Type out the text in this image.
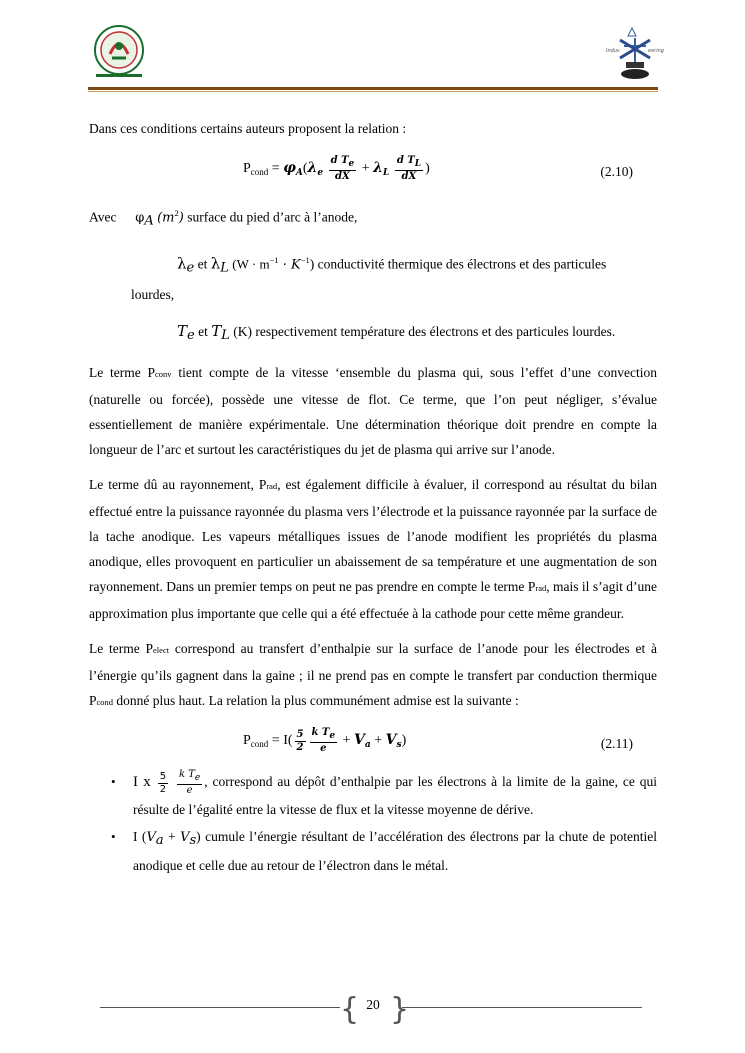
Indus	eering

Dans ces conditions certains auteurs proposent la relation :

$P_{cond} = \varphi_A(\lambda_e \frac{\text{d Te}}{dX} + \lambda_L \frac{\text{d TL}}{dX}$ )	(2.10)

Avec φA $(m^2)$ surface du pied d’arc à l’anode,

λe et λL $(W \cdot m^{-1} \cdot K^{-1})$ conductivité thermique des électrons et des particules

lourdes,

Te et TL (K) respectivement température des électrons et des particules lourdes.

Le terme Pconv tient compte de la vitesse ‘ensemble du plasma qui, sous l’effet d’une convection (naturelle ou forcée), possède une vitesse de flot. Ce terme, que l’on peut négliger, s’évalue essentiellement de manière expérimentale. Une détermination théorique doit prendre en compte la longueur de l’arc et surtout les caractéristiques du jet de plasma qui arrive sur l’anode.

Le terme dû au rayonnement, Prad, est également difficile à évaluer, il correspond au résultat du bilan effectué entre la puissance rayonnée du plasma vers l’électrode et la puissance rayonnée par la surface de la tache anodique. Les vapeurs métalliques issues de l’anode modifient les propriétés du plasma anodique, elles provoquent en particulier un abaissement de sa température et une augmentation de son rayonnement. Dans un premier temps on peut ne pas prendre en compte le terme Prad, mais il s’agit d’une approximation plus importante que celle qui a été effectuée à la cathode pour cette même grandeur.

Le terme Pelect correspond au transfert d’enthalpie sur la surface de l’anode pour les électrodes et à l’énergie qu’ils gagnent dans la gaine ; il ne prend pas en compte le transfert par conduction thermique Pcond donné plus haut. La relation la plus communément admise est la suivante :

$P_{cond} = I( \frac{5}{2} \frac{\text{k Te}}{e} + V_a + V_s)$	(2.11)
• I x $\frac{5}{2}$
$\frac{\text{k Te}}{e}$ , correspond au dépôt d’enthalpie par les électrons à la limite de la gaine, ce qui résulte de l’égalité entre la vitesse de flux et la vitesse moyenne de dérive.
• I (Va + Vs) cumule l’énergie résultant de l’accélération des électrons par la chute de potentiel anodique et celle due au retour de l’électron dans le métal.
{ }
20
